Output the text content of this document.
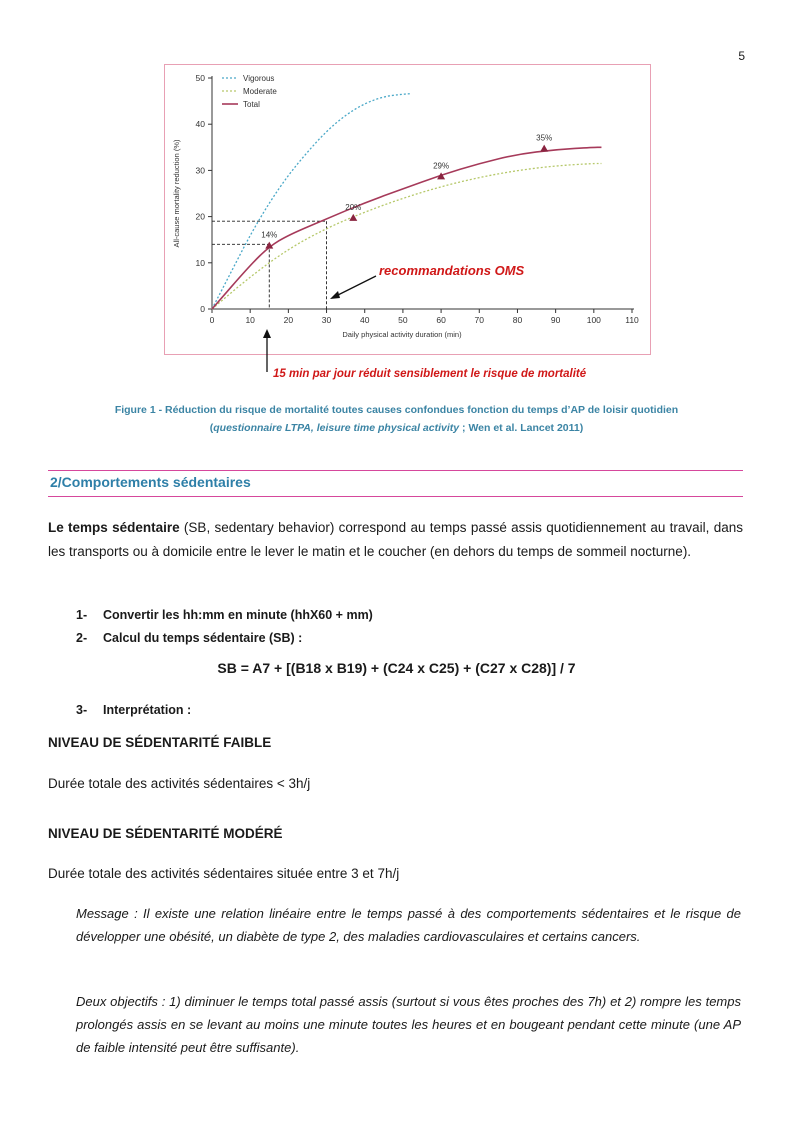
5
0	10	20	30	40	50	60	70	80	90	100	110
0
10
20
30
40
50
Daily physical activity duration (min)
All-cause mortality reduction (%)	14%
20%
29%
35%
Vigorous
Moderate
Total
recommandations OMS
15 min par jour réduit sensiblement le risque de mortalité
Figure 1 - Réduction du risque de mortalité toutes causes confondues fonction du temps d’AP de loisir quotidien
(questionnaire LTPA, leisure time physical activity ; Wen et al. Lancet 2011)
2/Comportements sédentaires
Le temps sédentaire (SB, sedentary behavior) correspond au temps passé assis quotidiennement au travail, dans les transports ou à domicile entre le lever le matin et le coucher (en dehors du temps de sommeil nocturne).
1- Convertir les hh:mm en minute (hhX60 + mm)
2- Calcul du temps sédentaire (SB) :
SB = A7 + [(B18 x B19) + (C24 x C25) + (C27 x C28)] / 7
3- Interprétation :
NIVEAU DE SÉDENTARITÉ FAIBLE
Durée totale des activités sédentaires < 3h/j
NIVEAU DE SÉDENTARITÉ MODÉRÉ
Durée totale des activités sédentaires située entre 3 et 7h/j
Message : Il existe une relation linéaire entre le temps passé à des comportements sédentaires et le risque de développer une obésité, un diabète de type 2, des maladies cardiovasculaires et certains cancers.
Deux objectifs : 1) diminuer le temps total passé assis (surtout si vous êtes proches des 7h) et 2) rompre les temps prolongés assis en se levant au moins une minute toutes les heures et en bougeant pendant cette minute (une AP de faible intensité peut être suffisante).
